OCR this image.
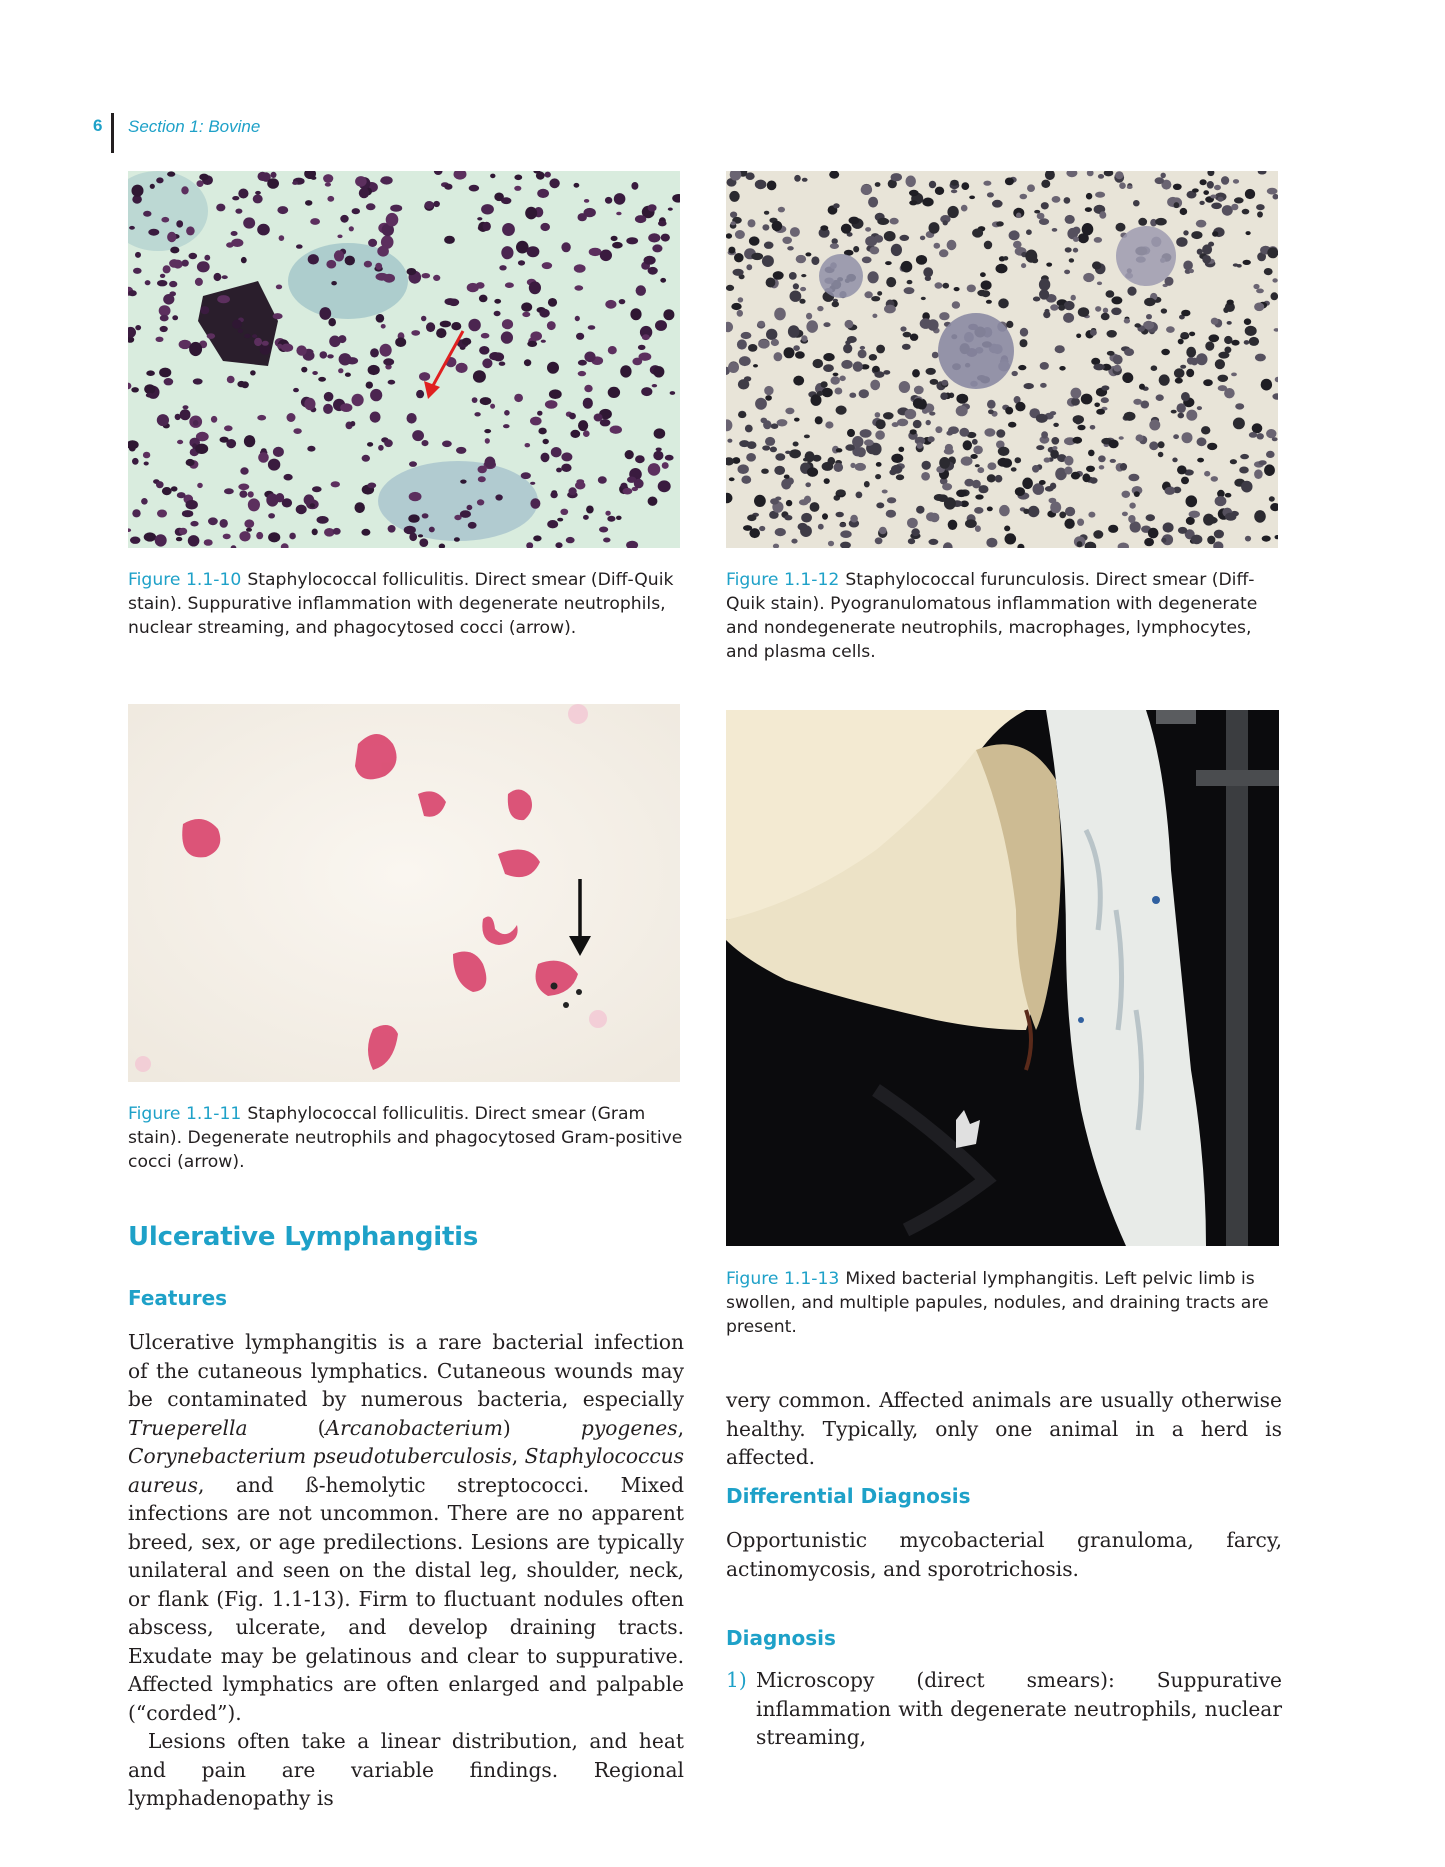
6 Section 1: Bovine
Figure 1.1-10 Staphylococcal folliculitis. Direct smear (Diff-Quik stain). Suppurative inflammation with degenerate neutrophils, nuclear streaming, and phagocytosed cocci (arrow).
Figure 1.1-12 Staphylococcal furunculosis. Direct smear (Diff-Quik stain). Pyogranulomatous inflammation with degenerate and nondegenerate neutrophils, macrophages, lymphocytes, and plasma cells.
Figure 1.1-11 Staphylococcal folliculitis. Direct smear (Gram stain). Degenerate neutrophils and phagocytosed Gram-positive cocci (arrow).
Figure 1.1-13 Mixed bacterial lymphangitis. Left pelvic limb is swollen, and multiple papules, nodules, and draining tracts are present.
Ulcerative Lymphangitis
Features

Ulcerative lymphangitis is a rare bacterial infection of the cutaneous lymphatics. Cutaneous wounds may be contaminated by numerous bacteria, especially Trueperella (Arcanobacterium) pyogenes, Corynebacterium pseudotuberculosis, Staphylococcus aureus, and ß-hemolytic streptococci. Mixed infections are not uncommon. There are no apparent breed, sex, or age predilections. Lesions are typically unilateral and seen on the distal leg, shoulder, neck, or flank (Fig. 1.1-13). Firm to fluctuant nodules often abscess, ulcerate, and develop draining tracts. Exudate may be gelatinous and clear to suppurative. Affected lymphatics are often enlarged and palpable (“corded”).

Lesions often take a linear distribution, and heat and pain are variable findings. Regional lymphadenopathy is

very common. Affected animals are usually otherwise healthy. Typically, only one animal in a herd is affected.
Differential Diagnosis
Opportunistic mycobacterial granuloma, farcy, actinomycosis, and sporotrichosis.
Diagnosis
1) Microscopy (direct smears): Suppurative inflammation with degenerate neutrophils, nuclear streaming,
